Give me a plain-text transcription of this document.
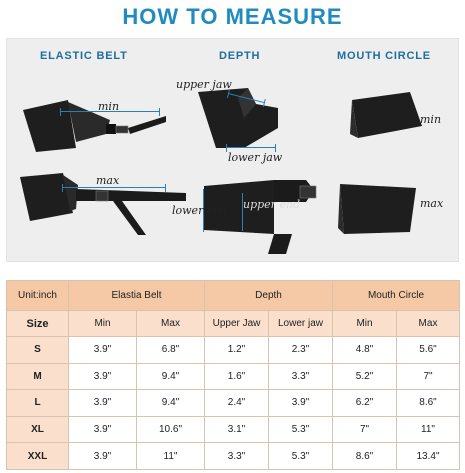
HOW TO MEASURE
ELASTIC BELT	DEPTH	MOUTH CIRCLE
min
max
upper jaw
lower jaw
lower end upper end
min
max
Unit:inch	Elastia Belt		Depth		Mouth Circle	
Size	Min	Max	Upper Jaw	Lower jaw	Min	Max
S	3.9"	6.8"	1.2"	2.3"	4.8"	5.6"
M	3.9"	9.4"	1.6"	3.3"	5.2"	7"
L	3.9"	9.4"	2.4"	3.9"	6.2"	8.6"
XL	3.9"	10.6"	3.1"	5.3"	7"	11"
XXL	3.9"	11"	3.3"	5.3"	8.6"	13.4"
